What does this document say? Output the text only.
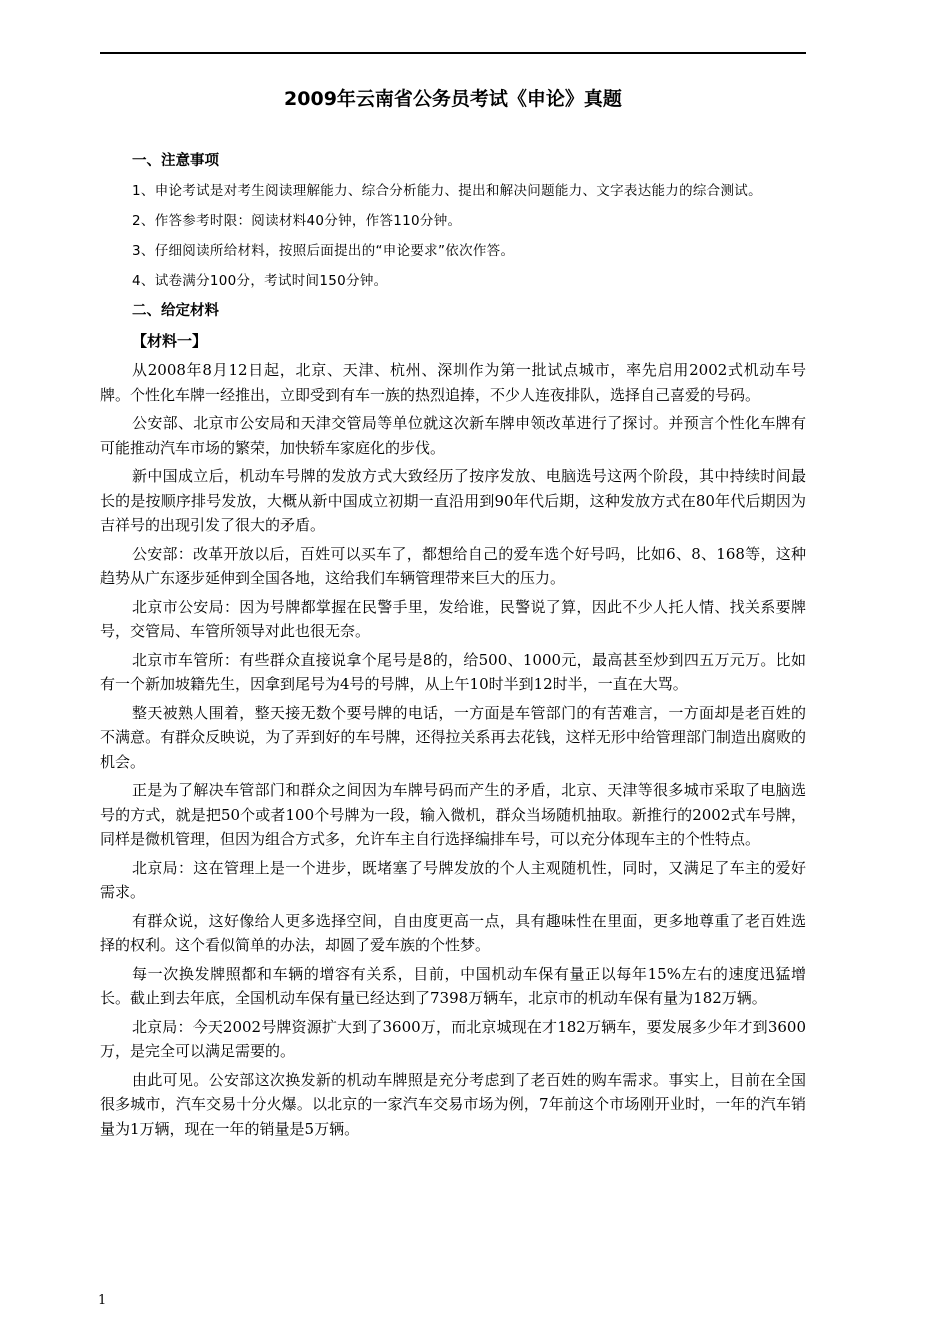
2009年云南省公务员考试《申论》真题

一、注意事项

1、申论考试是对考生阅读理解能力、综合分析能力、提出和解决问题能力、文字表达能力的综合测试。

2、作答参考时限：阅读材料40分钟，作答110分钟。

3、仔细阅读所给材料，按照后面提出的“申论要求”依次作答。

4、试卷满分100分，考试时间150分钟。

二、给定材料

【材料一】

从2008年8月12日起，北京、天津、杭州、深圳作为第一批试点城市，率先启用2002式机动车号牌。个性化车牌一经推出，立即受到有车一族的热烈追捧，不少人连夜排队，选择自己喜爱的号码。

公安部、北京市公安局和天津交管局等单位就这次新车牌申领改革进行了探讨。并预言个性化车牌有可能推动汽车市场的繁荣，加快轿车家庭化的步伐。

新中国成立后，机动车号牌的发放方式大致经历了按序发放、电脑选号这两个阶段，其中持续时间最长的是按顺序排号发放，大概从新中国成立初期一直沿用到90年代后期，这种发放方式在80年代后期因为吉祥号的出现引发了很大的矛盾。

公安部：改革开放以后，百姓可以买车了，都想给自己的爱车选个好号吗，比如6、8、168等，这种趋势从广东逐步延伸到全国各地，这给我们车辆管理带来巨大的压力。

北京市公安局：因为号牌都掌握在民警手里，发给谁，民警说了算，因此不少人托人情、找关系要牌号，交管局、车管所领导对此也很无奈。

北京市车管所：有些群众直接说拿个尾号是8的，给500、1000元，最高甚至炒到四五万元万。比如有一个新加坡籍先生，因拿到尾号为4号的号牌，从上午10时半到12时半，一直在大骂。

整天被熟人围着，整天接无数个要号牌的电话，一方面是车管部门的有苦难言，一方面却是老百姓的不满意。有群众反映说，为了弄到好的车号牌，还得拉关系再去花钱，这样无形中给管理部门制造出腐败的机会。

正是为了解决车管部门和群众之间因为车牌号码而产生的矛盾，北京、天津等很多城市采取了电脑选号的方式，就是把50个或者100个号牌为一段，输入微机，群众当场随机抽取。新推行的2002式车号牌，同样是微机管理，但因为组合方式多，允许车主自行选择编排车号，可以充分体现车主的个性特点。

北京局：这在管理上是一个进步，既堵塞了号牌发放的个人主观随机性，同时，又满足了车主的爱好需求。

有群众说，这好像给人更多选择空间，自由度更高一点，具有趣味性在里面，更多地尊重了老百姓选择的权利。这个看似简单的办法，却圆了爱车族的个性梦。

每一次换发牌照都和车辆的增容有关系，目前，中国机动车保有量正以每年15%左右的速度迅猛增长。截止到去年底，全国机动车保有量已经达到了7398万辆车，北京市的机动车保有量为182万辆。

北京局：今天2002号牌资源扩大到了3600万，而北京城现在才182万辆车，要发展多少年才到3600万，是完全可以满足需要的。

由此可见。公安部这次换发新的机动车牌照是充分考虑到了老百姓的购车需求。事实上，目前在全国很多城市，汽车交易十分火爆。以北京的一家汽车交易市场为例，7年前这个市场刚开业时，一年的汽车销量为1万辆，现在一年的销量是5万辆。

1
